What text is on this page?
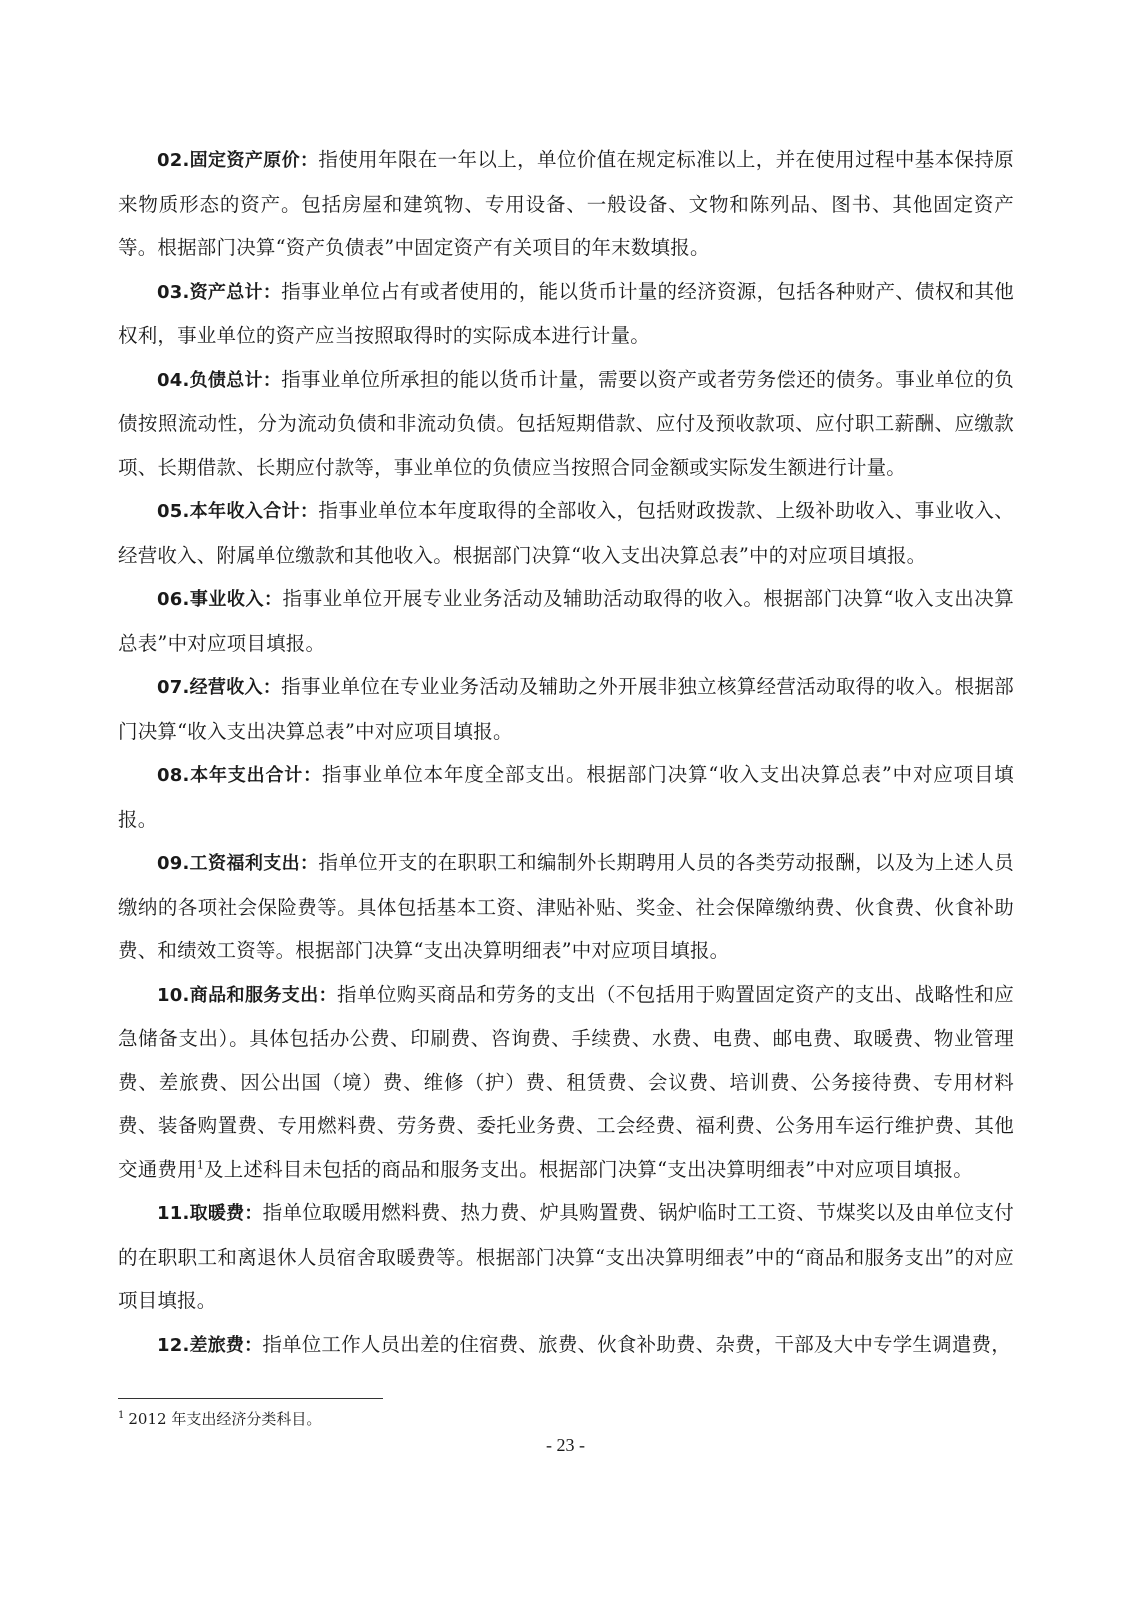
02.固定资产原价：指使用年限在一年以上，单位价值在规定标准以上，并在使用过程中基本保持原来物质形态的资产。包括房屋和建筑物、专用设备、一般设备、文物和陈列品、图书、其他固定资产等。根据部门决算“资产负债表”中固定资产有关项目的年末数填报。

03.资产总计：指事业单位占有或者使用的，能以货币计量的经济资源，包括各种财产、债权和其他权利，事业单位的资产应当按照取得时的实际成本进行计量。

04.负债总计：指事业单位所承担的能以货币计量，需要以资产或者劳务偿还的债务。事业单位的负债按照流动性，分为流动负债和非流动负债。包括短期借款、应付及预收款项、应付职工薪酬、应缴款项、长期借款、长期应付款等，事业单位的负债应当按照合同金额或实际发生额进行计量。

05.本年收入合计：指事业单位本年度取得的全部收入，包括财政拨款、上级补助收入、事业收入、经营收入、附属单位缴款和其他收入。根据部门决算“收入支出决算总表”中的对应项目填报。

06.事业收入：指事业单位开展专业业务活动及辅助活动取得的收入。根据部门决算“收入支出决算总表”中对应项目填报。

07.经营收入：指事业单位在专业业务活动及辅助之外开展非独立核算经营活动取得的收入。根据部门决算“收入支出决算总表”中对应项目填报。

08.本年支出合计：指事业单位本年度全部支出。根据部门决算“收入支出决算总表”中对应项目填报。

09.工资福利支出：指单位开支的在职职工和编制外长期聘用人员的各类劳动报酬，以及为上述人员缴纳的各项社会保险费等。具体包括基本工资、津贴补贴、奖金、社会保障缴纳费、伙食费、伙食补助费、和绩效工资等。根据部门决算“支出决算明细表”中对应项目填报。

10.商品和服务支出：指单位购买商品和劳务的支出（不包括用于购置固定资产的支出、战略性和应急储备支出）。具体包括办公费、印刷费、咨询费、手续费、水费、电费、邮电费、取暖费、物业管理费、差旅费、因公出国（境）费、维修（护）费、租赁费、会议费、培训费、公务接待费、专用材料费、装备购置费、专用燃料费、劳务费、委托业务费、工会经费、福利费、公务用车运行维护费、其他交通费用$^1$及上述科目未包括的商品和服务支出。根据部门决算“支出决算明细表”中对应项目填报。

11.取暖费：指单位取暖用燃料费、热力费、炉具购置费、锅炉临时工工资、节煤奖以及由单位支付的在职职工和离退休人员宿舍取暖费等。根据部门决算“支出决算明细表”中的“商品和服务支出”的对应项目填报。

12.差旅费：指单位工作人员出差的住宿费、旅费、伙食补助费、杂费，干部及大中专学生调遣费，

$^1$ 2012 年支出经济分类科目。
- 23 -
